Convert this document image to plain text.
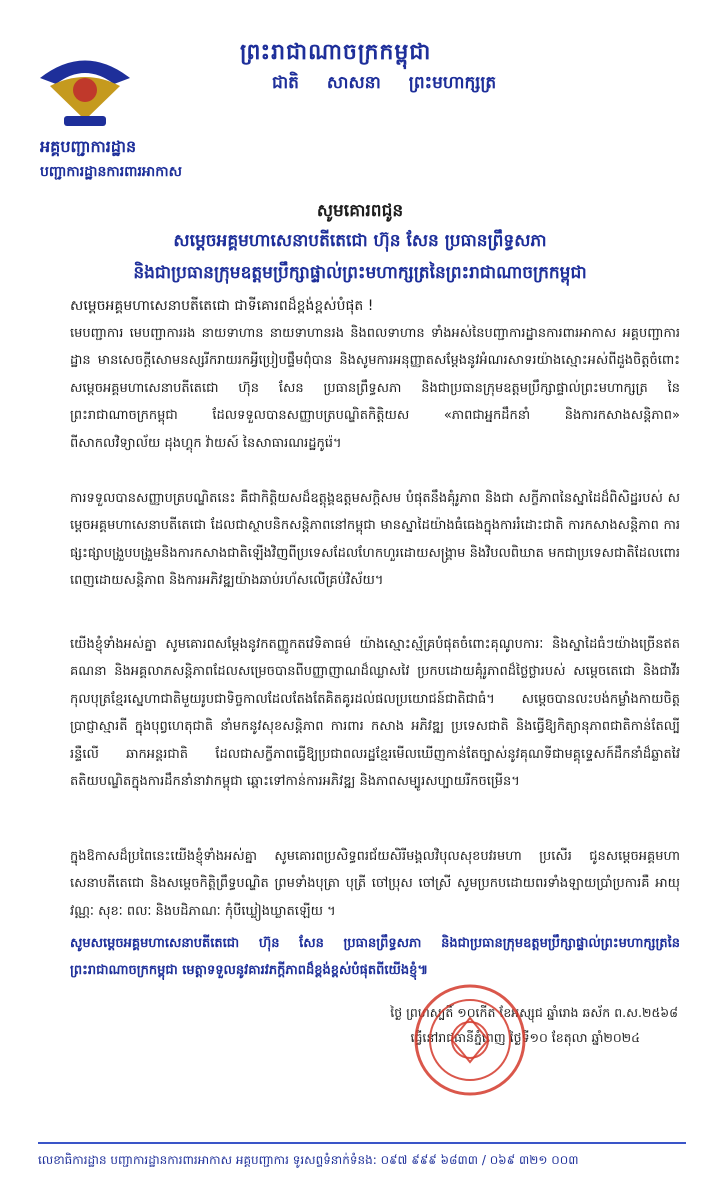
ព្រះរាជាណាចក្រកម្ពុជា
ជាតិ សាសនា ព្រះមហាក្សត្រ
អគ្គបញ្ជាការដ្ឋាន
បញ្ជាការដ្ឋានការពារអាកាស
សូមគោរពជូន
សម្តេចអគ្គមហាសេនាបតីតេជោ ហ៊ុន សែន ប្រធានព្រឹទ្ធសភា
និងជាប្រធានក្រុមឧត្តមប្រឹក្សាផ្ទាល់ព្រះមហាក្សត្រនៃព្រះរាជាណាចក្រកម្ពុជា
សម្តេចអគ្គមហាសេនាបតីតេជោ ជាទីគោរពដ៏ខ្ពង់ខ្ពស់បំផុត !
មេបញ្ជាការ មេបញ្ជាការរង នាយទាហាន នាយទាហានរង និងពលទាហាន ទាំងអស់នៃបញ្ជាការដ្ឋានការពារអាកាស អគ្គបញ្ជាការដ្ឋាន មានសេចក្តីសោមនស្សរីករាយរកអ្វីប្រៀបផ្ទឹមពុំបាន និងសូមការអនុញ្ញាតសម្តែងនូវអំណរសាទរយ៉ាងស្មោះអស់ពីដួងចិត្តចំពោះសម្តេចអគ្គមហាសេនាបតីតេជោ ហ៊ុន សែន ប្រធានព្រឹទ្ធសភា និងជាប្រធានក្រុមឧត្តមប្រឹក្សាផ្ទាល់ព្រះមហាក្សត្រ នៃព្រះរាជាណាចក្រកម្ពុជា ដែលទទួលបានសញ្ញាបត្របណ្ឌិតកិត្តិយស «ភាពជាអ្នកដឹកនាំ និងការកសាងសន្តិភាព» ពីសាកលវិទ្យាល័យ ដុងហ្គុក វ៉ាយស៍ នៃសាធារណរដ្ឋកូរ៉េ។
ការទទួលបានសញ្ញាបត្របណ្ឌិតនេះ គឺជាកិត្តិយសដ៏ឧត្តុង្គឧត្តមសក្តិសម បំផុតនឹងគុំរូភាព និងជា សក្ខីភាពនៃស្នាដៃដ៏ពិសិដ្ឋរបស់ សម្តេចអគ្គមហាសេនាបតីតេជោ ដែលជាស្ថាបនិកសន្តិភាពនៅកម្ពុជា មានស្នាដៃយ៉ាងធំធេងក្នុងការរំដោះជាតិ ការកសាងសន្តិភាព ការផ្សះផ្សាបង្រួបបង្រួមនិងការកសាងជាតិឡើងវិញពីប្រទេសដែលហែកហួរដោយសង្គ្រាម និងវិបលពិឃាត មកជាប្រទេសជាតិដែលពោរពេញដោយសន្តិភាព និងការអភិវឌ្ឍយ៉ាងឆាប់រហ័សលើគ្រប់វិស័យ។
យើងខ្ញុំទាំងអស់គ្នា សូមគោរពសម្តែងនូវកតញ្ញូកតវេទិតាធម៌ យ៉ាងស្មោះស្ម័គ្របំផុតចំពោះគុណូបការៈ និងស្នាដៃធំៗយ៉ាងច្រើនឥតគណនា និងអគ្គលាភសន្តិភាពដែលសម្រេចបានពីបញ្ញាញាណដ៏ឈ្លាសវៃ ប្រកបដោយគុំរូភាពដ៏ថ្លៃថ្លារបស់ សម្តេចតេជោ និងជាវីរកុលបុត្រខ្មែរស្នេហាជាតិមួយរូបជាទិច្ចកាលដែលតែងតែគិតគូរដល់ផលប្រយោជន៍ជាតិជាធំ។ សម្តេចបានលះបង់កម្លាំងកាយចិត្ត ប្រាជ្ញាស្មារតី ក្នុងបុព្វហេតុជាតិ នាំមកនូវសុខសន្តិភាព ការពារ កសាង អភិវឌ្ឍ ប្រទេសជាតិ និងធ្វើឱ្យកិត្យានុភាពជាតិកាន់តែល្បីរន្ទឺលើ ឆាកអន្តរជាតិ ដែលជាសក្ខីភាពធ្វើឱ្យប្រជាពលរដ្ឋខ្មែរមើលឃើញកាន់តែច្បាស់នូវគុណទីជាមគ្គុទ្ទេសក៍ដឹកនាំដ៏ឆ្លាតវៃ តតិយបណ្ឌិតក្នុងការដឹកនាំនាវាកម្ពុជា ឆ្ពោះទៅកាន់ការអភិវឌ្ឍ និងភាពសម្បូរសប្បាយរីកចម្រើន។
ក្នុងឱកាសដ៏ប្រពៃនេះយើងខ្ញុំទាំងអស់គ្នា សូមគោរពប្រសិទ្ធពរជ័យសិរីមង្គលវិបុលសុខបវរមហា ប្រសើរ ជូនសម្តេចអគ្គមហាសេនាបតីតេជោ និងសម្តេចកិត្តិព្រឹទ្ធបណ្ឌិត ព្រមទាំងបុត្រា បុត្រី ចៅប្រុស ចៅស្រី សូមប្រកបដោយពរទាំងឡាយប្រាំប្រការគឺ អាយុ វណ្ណៈ សុខៈ ពលៈ និងបដិភាណៈ កុំបីឃ្លៀងឃ្លាតឡើយ ។
សូមសម្តេចអគ្គមហាសេនាបតីតេជោ ហ៊ុន សែន ប្រធានព្រឹទ្ធសភា និងជាប្រធានក្រុមឧត្តមប្រឹក្សាផ្ទាល់ព្រះមហាក្សត្រនៃព្រះរាជាណាចក្រកម្ពុជា មេត្តាទទួលនូវគារវភក្តីភាពដ៏ខ្ពង់ខ្ពស់បំផុតពីយើងខ្ញុំ៕
ថ្ងៃ ព្រហស្បតិ៍ ១០កើត ខែអស្សុជ ឆ្នាំរោង ឆស័ក ព.ស.២៥៦៨
ធ្វើនៅរាជធានីភ្នំពេញ ថ្ងៃទី១០ ខែតុលា ឆ្នាំ២០២៤
លេខាធិការដ្ឋាន បញ្ជាការដ្ឋានការពារអាកាស អគ្គបញ្ជាការ ទូរសព្ទទំនាក់ទំនង: ០៩៧ ៩៩៩ ៦៨៣៣ / ០៦៩ ៣២១ ០០៣
